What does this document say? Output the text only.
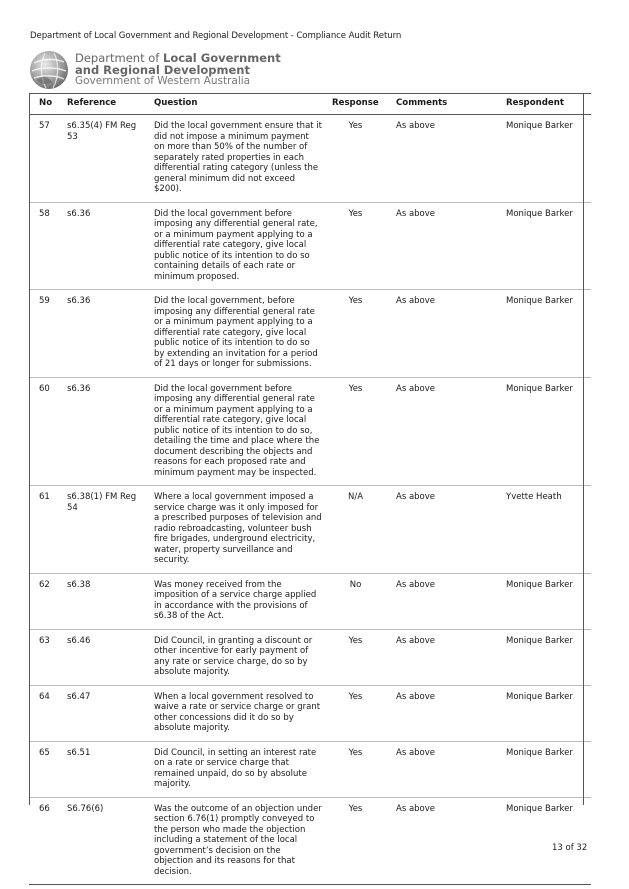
Department of Local Government and Regional Development - Compliance Audit Return
Department of Local Government
and Regional Development
Government of Western Australia
No	Reference	Question	Response	Comments	Respondent
57	s6.35(4) FM Reg 53	Did the local government ensure that it did not impose a minimum payment on more than 50% of the number of separately rated properties in each differential rating category (unless the general minimum did not exceed $200).	Yes	As above	Monique Barker
58	s6.36	Did the local government before imposing any differential general rate, or a minimum payment applying to a differential rate category, give local public notice of its intention to do so containing details of each rate or minimum proposed.	Yes	As above	Monique Barker
59	s6.36	Did the local government, before imposing any differential general rate or a minimum payment applying to a differential rate category, give local public notice of its intention to do so by extending an invitation for a period of 21 days or longer for submissions.	Yes	As above	Monique Barker
60	s6.36	Did the local government before imposing any differential general rate or a minimum payment applying to a differential rate category, give local public notice of its intention to do so, detailing the time and place where the document describing the objects and reasons for each proposed rate and minimum payment may be inspected.	Yes	As above	Monique Barker
61	s6.38(1) FM Reg 54	Where a local government imposed a service charge was it only imposed for a prescribed purposes of television and radio rebroadcasting, volunteer bush fire brigades, underground electricity, water, property surveillance and security.	N/A	As above	Yvette Heath
62	s6.38	Was money received from the imposition of a service charge applied in accordance with the provisions of s6.38 of the Act.	No	As above	Monique Barker
63	s6.46	Did Council, in granting a discount or other incentive for early payment of any rate or service charge, do so by absolute majority.	Yes	As above	Monique Barker
64	s6.47	When a local government resolved to waive a rate or service charge or grant other concessions did it do so by absolute majority.	Yes	As above	Monique Barker
65	s6.51	Did Council, in setting an interest rate on a rate or service charge that remained unpaid, do so by absolute majority.	Yes	As above	Monique Barker
66	S6.76(6)	Was the outcome of an objection under section 6.76(1) promptly conveyed to the person who made the objection including a statement of the local government’s decision on the objection and its reasons for that decision.	Yes	As above	Monique Barker
13 of 32
